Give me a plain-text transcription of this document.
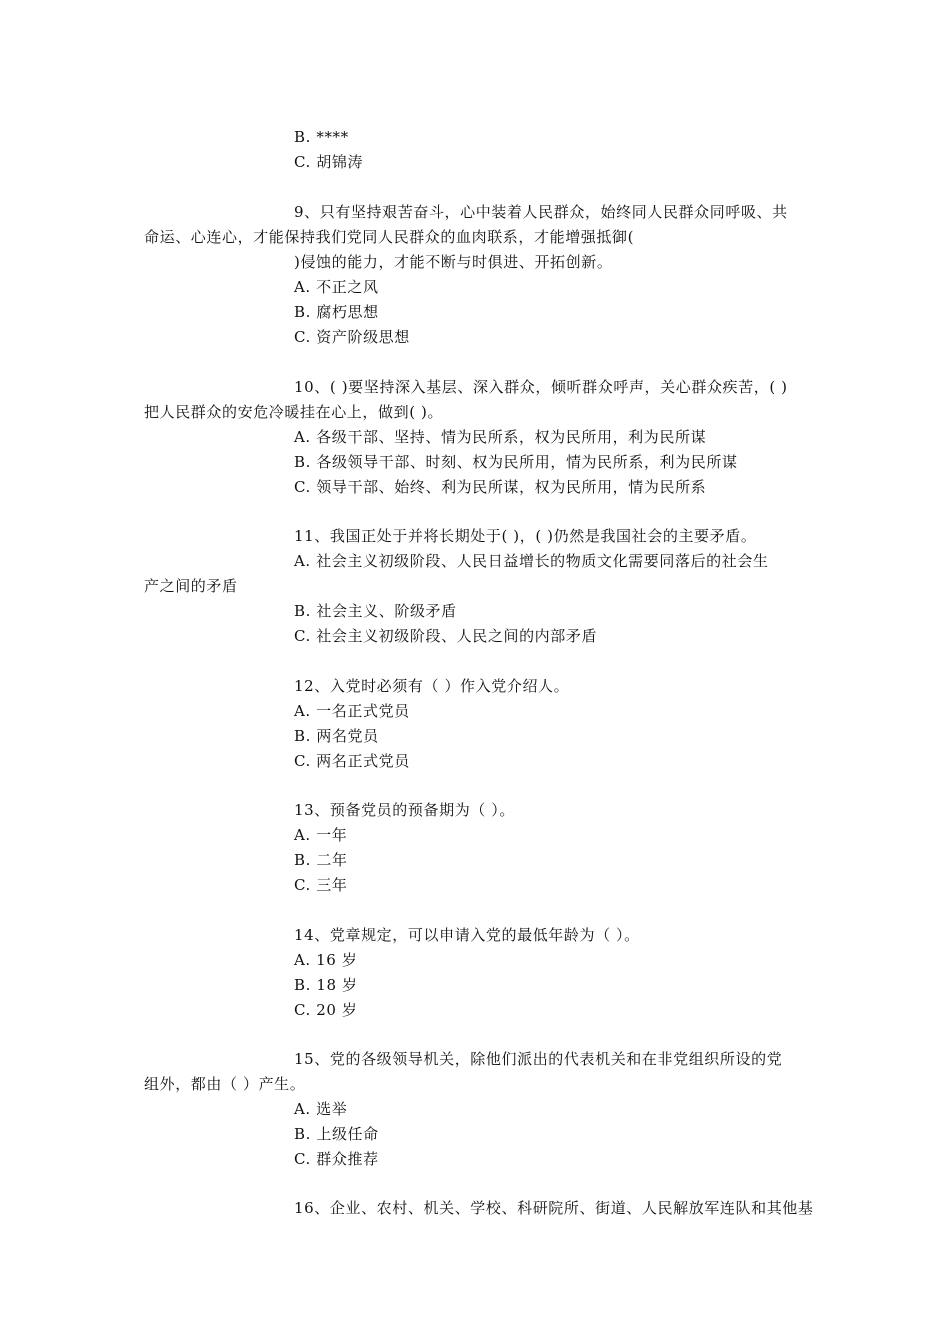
B. ****
C. 胡锦涛
9、只有坚持艰苦奋斗，心中装着人民群众，始终同人民群众同呼吸、共
命运、心连心，才能保持我们党同人民群众的血肉联系，才能增强抵御(
)侵蚀的能力，才能不断与时俱进、开拓创新。
A. 不正之风
B. 腐朽思想
C. 资产阶级思想
10、( )要坚持深入基层、深入群众，倾听群众呼声，关心群众疾苦，( )
把人民群众的安危冷暖挂在心上，做到( )。
A. 各级干部、坚持、情为民所系，权为民所用，利为民所谋
B. 各级领导干部、时刻、权为民所用，情为民所系，利为民所谋
C. 领导干部、始终、利为民所谋，权为民所用，情为民所系
11、我国正处于并将长期处于( )，( )仍然是我国社会的主要矛盾。
A. 社会主义初级阶段、人民日益增长的物质文化需要同落后的社会生
产之间的矛盾
B. 社会主义、阶级矛盾
C. 社会主义初级阶段、人民之间的内部矛盾
12、入党时必须有（ ）作入党介绍人。
A. 一名正式党员
B. 两名党员
C. 两名正式党员
13、预备党员的预备期为（ ）。
A. 一年
B. 二年
C. 三年
14、党章规定，可以申请入党的最低年龄为（ ）。
A. 16 岁
B. 18 岁
C. 20 岁
15、党的各级领导机关，除他们派出的代表机关和在非党组织所设的党
组外，都由（ ）产生。
A. 选举
B. 上级任命
C. 群众推荐
16、企业、农村、机关、学校、科研院所、街道、人民解放军连队和其他基
